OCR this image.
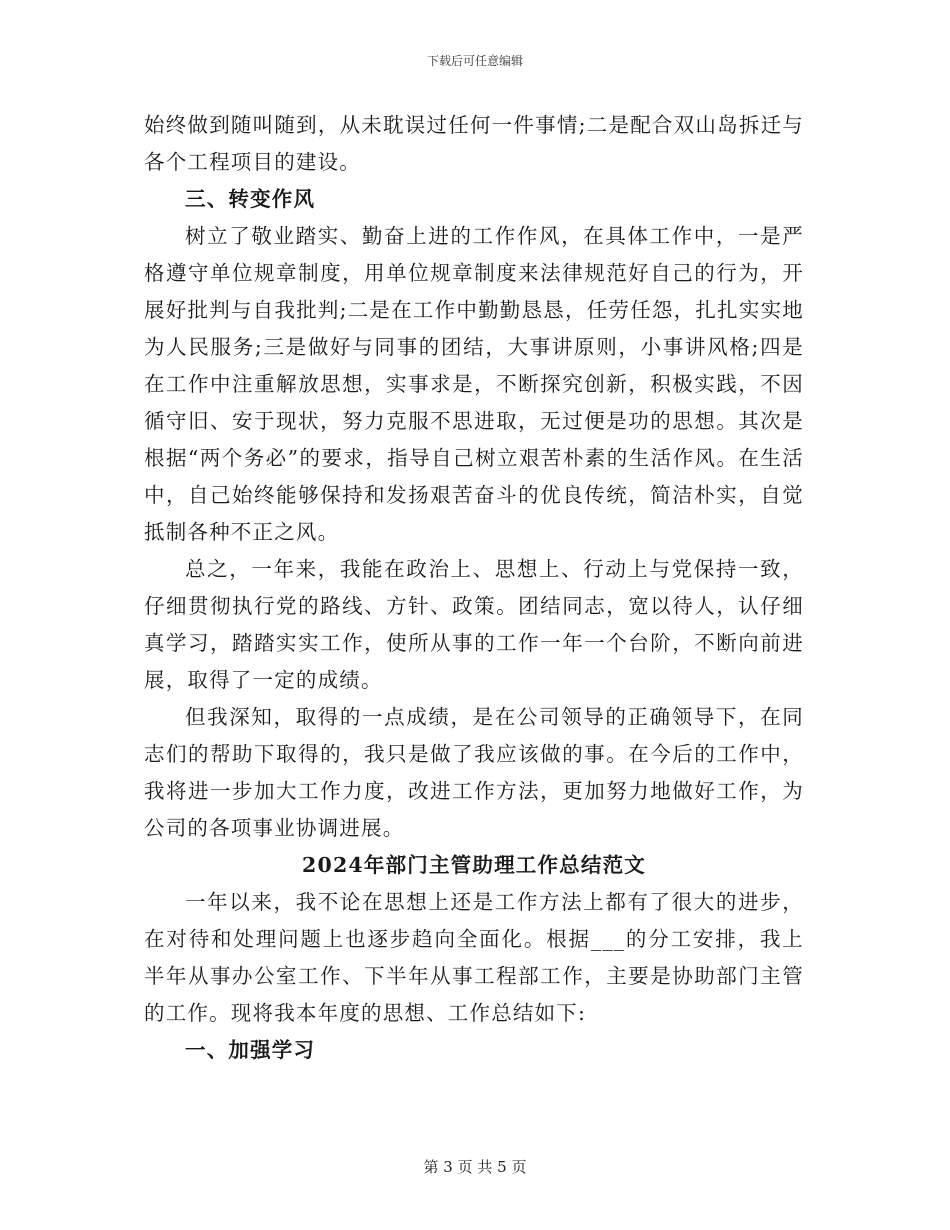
下载后可任意编辑

始终做到随叫随到，从未耽误过任何一件事情;二是配合双山岛拆迁与各个工程项目的建设。

三、转变作风

树立了敬业踏实、勤奋上进的工作作风，在具体工作中，一是严格遵守单位规章制度，用单位规章制度来法律规范好自己的行为，开展好批判与自我批判;二是在工作中勤勤恳恳，任劳任怨，扎扎实实地为人民服务;三是做好与同事的团结，大事讲原则，小事讲风格;四是在工作中注重解放思想，实事求是，不断探究创新，积极实践，不因循守旧、安于现状，努力克服不思进取，无过便是功的思想。其次是根据“两个务必”的要求，指导自己树立艰苦朴素的生活作风。在生活中，自己始终能够保持和发扬艰苦奋斗的优良传统，简洁朴实，自觉抵制各种不正之风。

总之，一年来，我能在政治上、思想上、行动上与党保持一致，仔细贯彻执行党的路线、方针、政策。团结同志，宽以待人，认仔细真学习，踏踏实实工作，使所从事的工作一年一个台阶，不断向前进展，取得了一定的成绩。

但我深知，取得的一点成绩，是在公司领导的正确领导下，在同志们的帮助下取得的，我只是做了我应该做的事。在今后的工作中，我将进一步加大工作力度，改进工作方法，更加努力地做好工作，为公司的各项事业协调进展。

2024年部门主管助理工作总结范文

一年以来，我不论在思想上还是工作方法上都有了很大的进步，在对待和处理问题上也逐步趋向全面化。根据___的分工安排，我上半年从事办公室工作、下半年从事工程部工作，主要是协助部门主管的工作。现将我本年度的思想、工作总结如下:

一、加强学习

第 3 页 共 5 页
